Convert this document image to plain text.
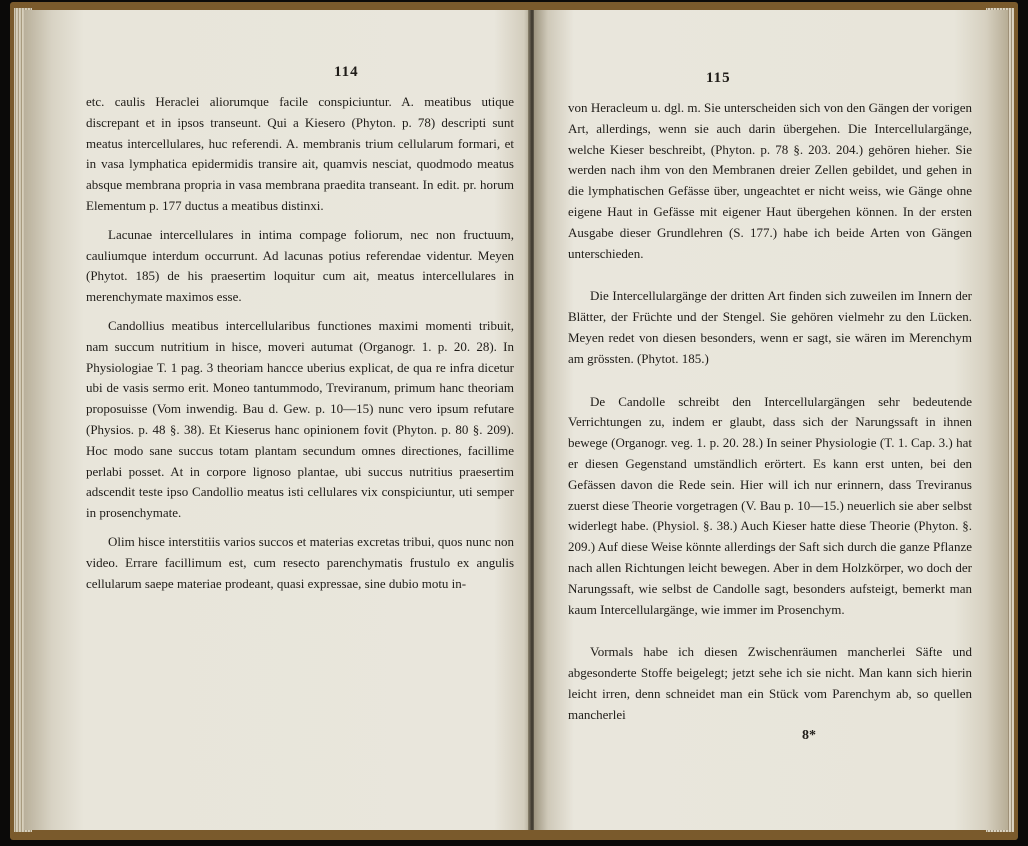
114

etc. caulis Heraclei aliorumque facile conspiciuntur. A. meatibus utique discrepant et in ipsos transeunt. Qui a Kiesero (Phyton. p. 78) descripti sunt meatus intercellulares, huc referendi. A. membranis trium cellularum formari, et in vasa lymphatica epidermidis transire ait, quamvis nesciat, quodmodo meatus absque membrana propria in vasa membrana praedita transeant. In edit. pr. horum Elementum p. 177 ductus a meatibus distinxi.

Lacunae intercellulares in intima compage foliorum, nec non fructuum, cauliumque interdum occurrunt. Ad lacunas potius referendae videntur. Meyen (Phytot. 185) de his praesertim loquitur cum ait, meatus intercellulares in merenchymate maximos esse.

Candollius meatibus intercellularibus functiones maximi momenti tribuit, nam succum nutritium in hisce, moveri autumat (Organogr. 1. p. 20. 28). In Physiologiae T. 1 pag. 3 theoriam hancce uberius explicat, de qua re infra dicetur ubi de vasis sermo erit. Moneo tantummodo, Treviranum, primum hanc theoriam proposuisse (Vom inwendig. Bau d. Gew. p. 10—15) nunc vero ipsum refutare (Physios. p. 48 §. 38). Et Kieserus hanc opinionem fovit (Phyton. p. 80 §. 209). Hoc modo sane succus totam plantam secundum omnes directiones, facillime perlabi posset. At in corpore lignoso plantae, ubi succus nutritius praesertim adscendit teste ipso Candollio meatus isti cellulares vix conspiciuntur, uti semper in prosenchymate.

Olim hisce interstitiis varios succos et materias excretas tribui, quos nunc non video. Errare facillimum est, cum resecto parenchymatis frustulo ex angulis cellularum saepe materiae prodeant, quasi expressae, sine dubio motu in-

115

von Heracleum u. dgl. m. Sie unterscheiden sich von den Gängen der vorigen Art, allerdings, wenn sie auch darin übergehen. Die Intercellulargänge, welche Kieser beschreibt, (Phyton. p. 78 §. 203. 204.) gehören hieher. Sie werden nach ihm von den Membranen dreier Zellen gebildet, und gehen in die lymphatischen Gefässe über, ungeachtet er nicht weiss, wie Gänge ohne eigene Haut in Gefässe mit eigener Haut übergehen können. In der ersten Ausgabe dieser Grundlehren (S. 177.) habe ich beide Arten von Gängen unterschieden.

Die Intercellulargänge der dritten Art finden sich zuweilen im Innern der Blätter, der Früchte und der Stengel. Sie gehören vielmehr zu den Lücken. Meyen redet von diesen besonders, wenn er sagt, sie wären im Merenchym am grössten. (Phytot. 185.)

De Candolle schreibt den Intercellulargängen sehr bedeutende Verrichtungen zu, indem er glaubt, dass sich der Narungssaft in ihnen bewege (Organogr. veg. 1. p. 20. 28.) In seiner Physiologie (T. 1. Cap. 3.) hat er diesen Gegenstand umständlich erörtert. Es kann erst unten, bei den Gefässen davon die Rede sein. Hier will ich nur erinnern, dass Treviranus zuerst diese Theorie vorgetragen (V. Bau p. 10—15.) neuerlich sie aber selbst widerlegt habe. (Physiol. §. 38.) Auch Kieser hatte diese Theorie (Phyton. §. 209.) Auf diese Weise könnte allerdings der Saft sich durch die ganze Pflanze nach allen Richtungen leicht bewegen. Aber in dem Holzkörper, wo doch der Narungssaft, wie selbst de Candolle sagt, besonders aufsteigt, bemerkt man kaum Intercellulargänge, wie immer im Prosenchym.

Vormals habe ich diesen Zwischenräumen mancherlei Säfte und abgesonderte Stoffe beigelegt; jetzt sehe ich sie nicht. Man kann sich hierin leicht irren, denn schneidet man ein Stück vom Parenchym ab, so quellen mancherlei

8*
